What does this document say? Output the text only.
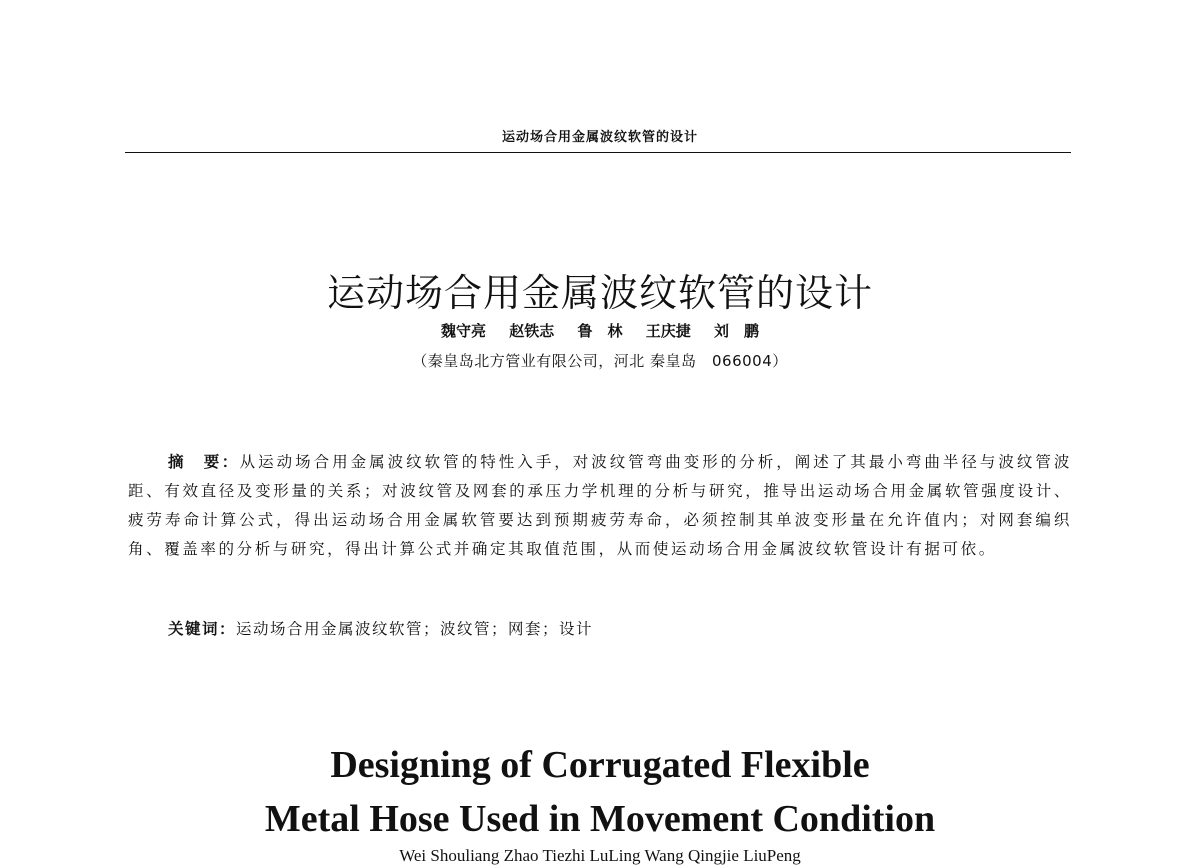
运动场合用金属波纹软管的设计
运动场合用金属波纹软管的设计
魏守亮 赵铁志 鲁　林 王庆捷 刘　鹏
（秦皇岛北方管业有限公司，河北 秦皇岛　066004）
摘　要：从运动场合用金属波纹软管的特性入手，对波纹管弯曲变形的分析，阐述了其最小弯曲半径与波纹管波距、有效直径及变形量的关系；对波纹管及网套的承压力学机理的分析与研究，推导出运动场合用金属软管强度设计、疲劳寿命计算公式，得出运动场合用金属软管要达到预期疲劳寿命，必须控制其单波变形量在允许值内；对网套编织角、覆盖率的分析与研究，得出计算公式并确定其取值范围，从而使运动场合用金属波纹软管设计有据可依。
关键词：运动场合用金属波纹软管；波纹管；网套；设计
Designing of Corrugated Flexible
Metal Hose Used in Movement Condition
Wei Shouliang Zhao Tiezhi LuLing Wang Qingjie LiuPeng
